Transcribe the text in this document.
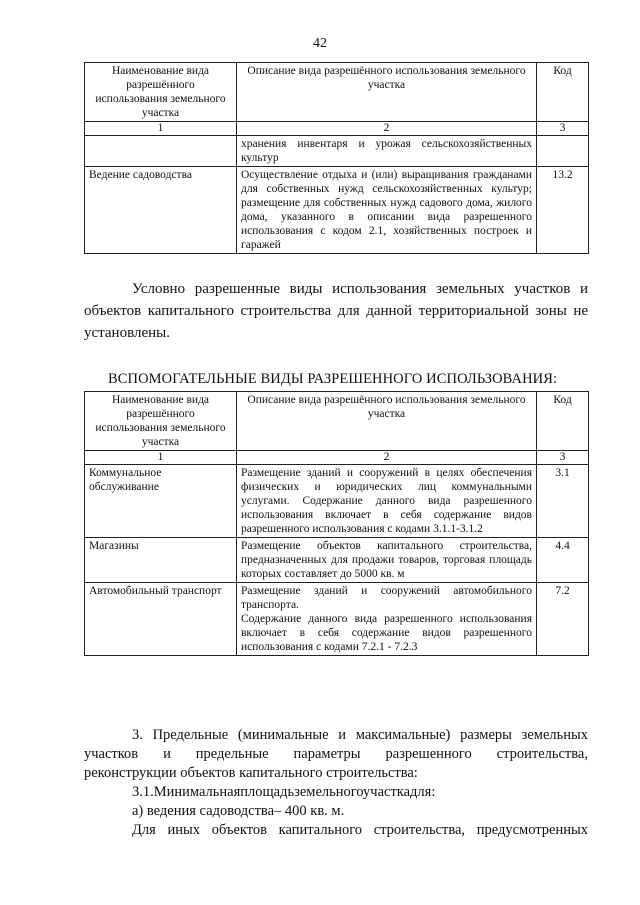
42
Наименование вида разрешённого использования земельного участка	Описание вида разрешённого использования земельного участка	Код
1	2	3
	хранения инвентаря и урожая сельскохозяйственных культур	
Ведение садоводства	Осуществление отдыха и (или) выращивания гражданами для собственных нужд сельскохозяйственных культур; размещение для собственных нужд садового дома, жилого дома, указанного в описании вида разрешенного использования с кодом 2.1, хозяйственных построек и гаражей	13.2

Условно разрешенные виды использования земельных участков и объектов капитального строительства для данной территориальной зоны не установлены.

ВСПОМОГАТЕЛЬНЫЕ ВИДЫ РАЗРЕШЕННОГО ИСПОЛЬЗОВАНИЯ:
Наименование вида разрешённого использования земельного участка	Описание вида разрешённого использования земельного участка	Код
1	2	3
Коммунальное обслуживание	Размещение зданий и сооружений в целях обеспечения физических и юридических лиц коммунальными услугами. Содержание данного вида разрешенного использования включает в себя содержание видов разрешенного использования с кодами 3.1.1-3.1.2	3.1
Магазины	Размещение объектов капитального строительства, предназначенных для продажи товаров, торговая площадь которых составляет до 5000 кв. м	4.4
Автомобильный транспорт	Размещение зданий и сооружений автомобильного транспорта.
Содержание данного вида разрешенного использования включает в себя содержание видов разрешенного использования с кодами 7.2.1 - 7.2.3	7.2
3. Предельные (минимальные и максимальные) размеры земельных
участков и предельные параметры разрешенного строительства,
реконструкции объектов капитального строительства:
3.1.Минимальнаяплощадьземельногоучасткадля:
а) ведения садоводства– 400 кв. м.
Для иных объектов капитального строительства, предусмотренных
